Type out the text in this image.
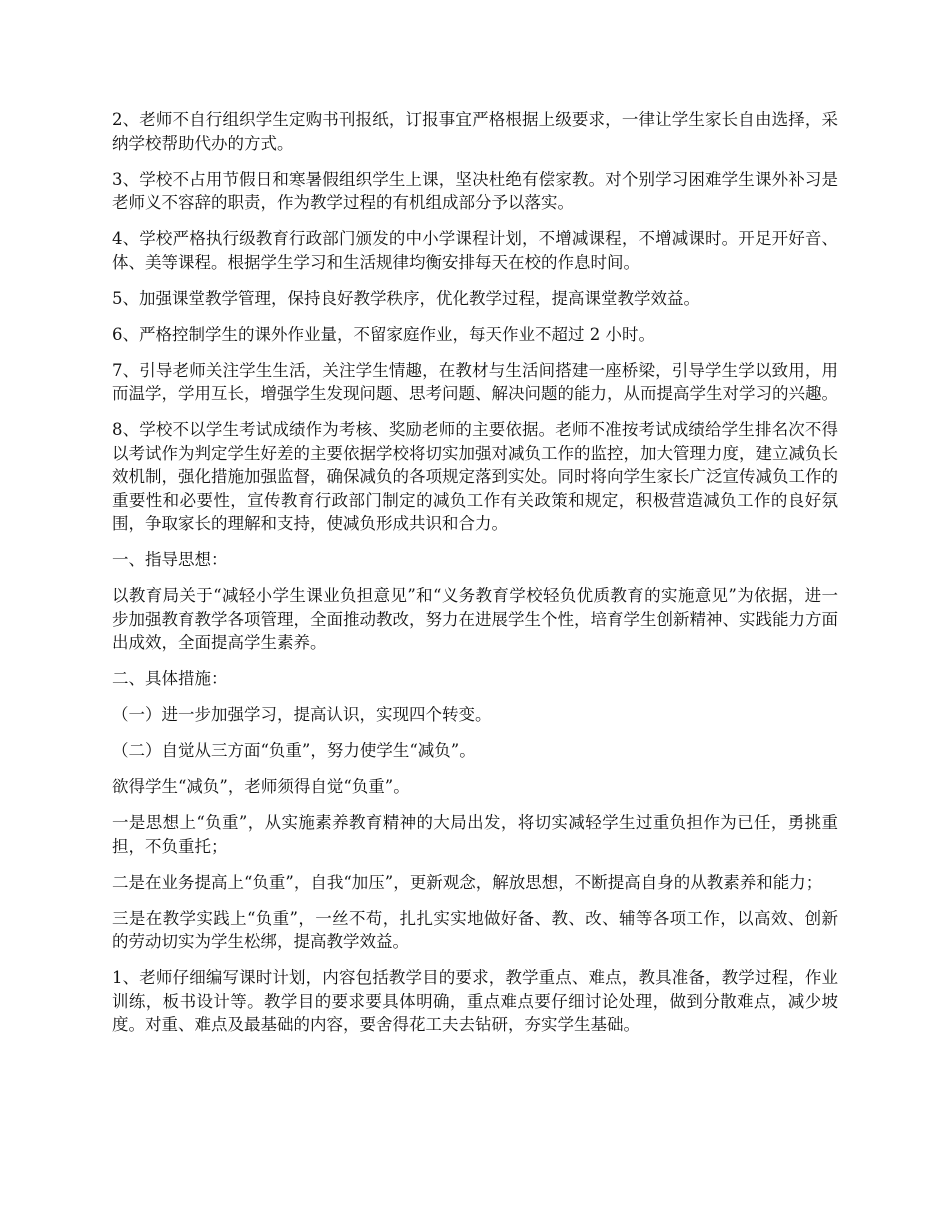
2、老师不自行组织学生定购书刊报纸，订报事宜严格根据上级要求，一律让学生家长自由选择，采纳学校帮助代办的方式。

3、学校不占用节假日和寒暑假组织学生上课，坚决杜绝有偿家教。对个别学习困难学生课外补习是老师义不容辞的职责，作为教学过程的有机组成部分予以落实。

4、学校严格执行级教育行政部门颁发的中小学课程计划，不增减课程，不增减课时。开足开好音、体、美等课程。根据学生学习和生活规律均衡安排每天在校的作息时间。

5、加强课堂教学管理，保持良好教学秩序，优化教学过程，提高课堂教学效益。

6、严格控制学生的课外作业量，不留家庭作业，每天作业不超过 2 小时。

7、引导老师关注学生生活，关注学生情趣，在教材与生活间搭建一座桥梁，引导学生学以致用，用而温学，学用互长，增强学生发现问题、思考问题、解决问题的能力，从而提高学生对学习的兴趣。

8、学校不以学生考试成绩作为考核、奖励老师的主要依据。老师不准按考试成绩给学生排名次不得以考试作为判定学生好差的主要依据学校将切实加强对减负工作的监控，加大管理力度，建立减负长效机制，强化措施加强监督，确保减负的各项规定落到实处。同时将向学生家长广泛宣传减负工作的重要性和必要性，宣传教育行政部门制定的减负工作有关政策和规定，积极营造减负工作的良好氛围，争取家长的理解和支持，使减负形成共识和合力。

一、指导思想：

以教育局关于“减轻小学生课业负担意见”和“义务教育学校轻负优质教育的实施意见”为依据，进一步加强教育教学各项管理，全面推动教改，努力在进展学生个性，培育学生创新精神、实践能力方面出成效，全面提高学生素养。

二、具体措施：

（一）进一步加强学习，提高认识，实现四个转变。

（二）自觉从三方面“负重”，努力使学生“减负”。

欲得学生“减负”，老师须得自觉“负重”。

一是思想上“负重”，从实施素养教育精神的大局出发，将切实减轻学生过重负担作为已任，勇挑重担，不负重托；

二是在业务提高上“负重”，自我“加压”，更新观念，解放思想，不断提高自身的从教素养和能力；

三是在教学实践上“负重”，一丝不苟，扎扎实实地做好备、教、改、辅等各项工作，以高效、创新的劳动切实为学生松绑，提高教学效益。

1、老师仔细编写课时计划，内容包括教学目的要求，教学重点、难点，教具准备，教学过程，作业训练，板书设计等。教学目的要求要具体明确，重点难点要仔细讨论处理，做到分散难点，减少坡度。对重、难点及最基础的内容，要舍得花工夫去钻研，夯实学生基础。
